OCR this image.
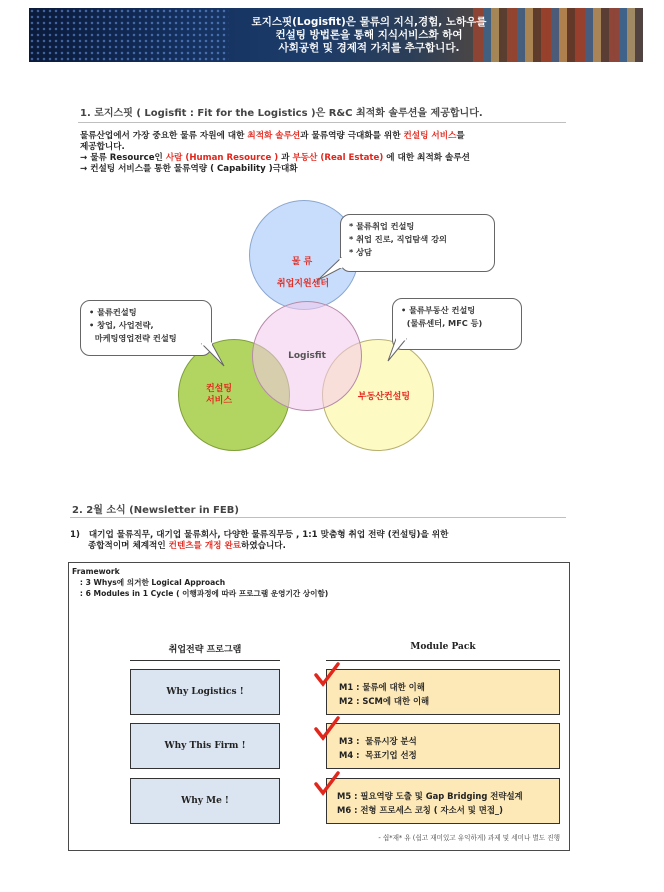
로지스핏(Logisfit)은 물류의 지식,경험, 노하우를
컨설팅 방법론을 통해 지식서비스화 하여
사회공헌 및 경제적 가치를 추구합니다.
1. 로지스핏 ( Logisfit : Fit for the Logistics )은 R&C 최적화 솔루션을 제공합니다.
물류산업에서 가장 중요한 물류 자원에 대한 최적화 솔루션과 물류역량 극대화를 위한 컨설팅 서비스를
제공합니다.
→ 물류 Resource인 사람 (Human Resource ) 과 부동산 (Real Estate) 에 대한 최적화 솔루션
→ 컨설팅 서비스를 통한 물류역량 ( Capability )극대화
물 류
취업지원센터
Logisfit
컨설팅
서비스	부동산컨설팅
* 물류취업 컨설팅
* 취업 진로, 직업탐색 강의
* 상담
• 물류컨설팅
• 창업, 사업전략,
마케팅영업전략 컨설팅
• 물류부동산 컨설팅
(물류센터, MFC 등)
2. 2월 소식 (Newsletter in FEB)
1)   대기업 물류직무, 대기업 물류회사, 다양한 물류직무등 , 1:1 맞춤형 취업 전략 (컨설팅)을 위한
종합적이며 체계적인 컨텐츠를 개정 완료하였습니다.
Framework
: 3 Whys에 의거한 Logical Approach
: 6 Modules in 1 Cycle ( 이행과정에 따라 프로그램 운영기간 상이함)
취업전략 프로그램	Module Pack
Why Logistics !
Why This Firm !
Why Me !
M1 : 물류에 대한 이해
M2 : SCM에 대한 이해
M3 :  물류시장 분석
M4 :  목표기업 선정
M5 : 필요역량 도출 및 Gap Bridging 전략설계
M6 : 전형 프로세스 코칭 ( 자소서 및 면접_)
- 쉽*재* 유 (쉽고 재미있고 유익하게) 과제 및 세미나 별도 진행
